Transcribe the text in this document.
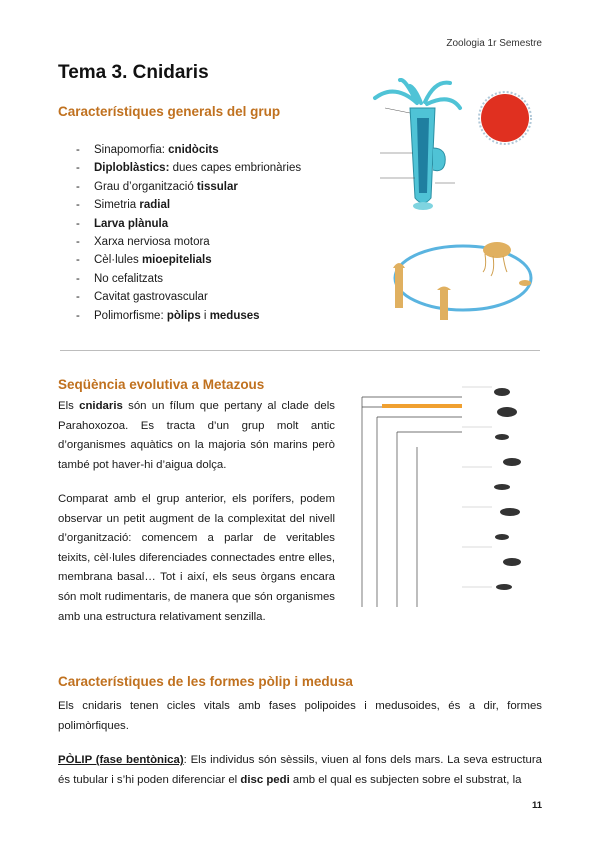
Zoologia 1r Semestre
Tema 3. Cnidaris
Característiques generals del grup
- Sinapomorfia: cnidòcits
- Diploblàstics: dues capes embrionàries
- Grau d’organització tissular
- Simetria radial
- Larva plànula
- Xarxa nerviosa motora
- Cèl·lules mioepitelials
- No cefalitzats
- Cavitat gastrovascular
- Polimorfisme: pòlips i meduses
Seqüència evolutiva a Metazous
Els cnidaris són un fílum que pertany al clade dels Parahoxozoa. Es tracta d’un grup molt antic d’organismes aquàtics on la majoria són marins però també pot haver-hi d’aigua dolça.
Comparat amb el grup anterior, els porífers, podem observar un petit augment de la complexitat del nivell d’organització: comencem a parlar de veritables teixits, cèl·lules diferenciades connectades entre elles, membrana basal… Tot i així, els seus òrgans encara són molt rudimentaris, de manera que són organismes amb una estructura relativament senzilla.
Característiques de les formes pòlip i medusa
Els cnidaris tenen cicles vitals amb fases polipoides i medusoides, és a dir, formes polimòrfiques.
PÒLIP (fase bentònica): Els individus són sèssils, viuen al fons dels mars. La seva estructura és tubular i s’hi poden diferenciar el disc pedi amb el qual es subjecten sobre el substrat, la
11
